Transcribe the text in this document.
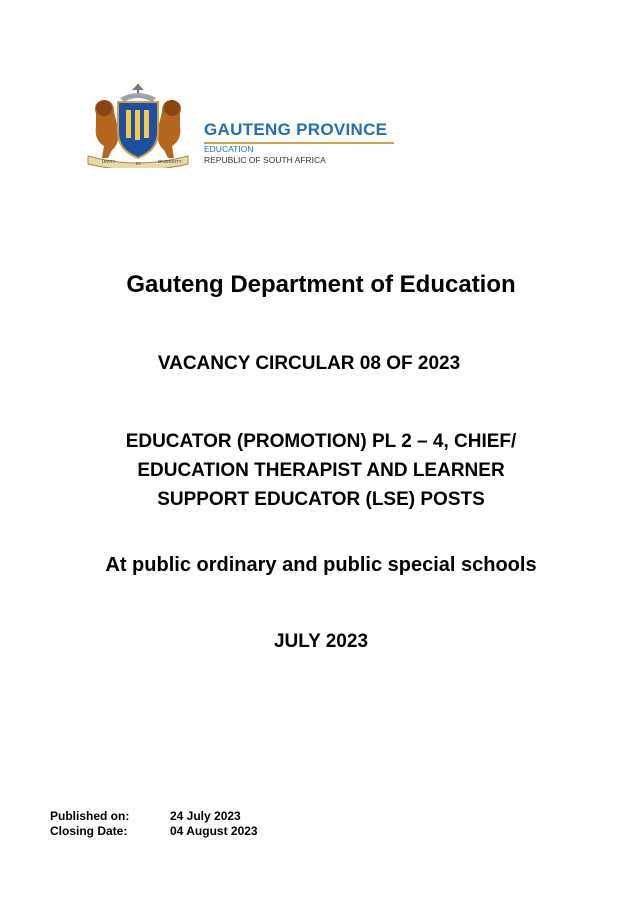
UNITY	IN	DIVERSITY
GAUTENG PROVINCE
EDUCATION
REPUBLIC OF SOUTH AFRICA
Gauteng Department of Education
VACANCY CIRCULAR 08 OF 2023
EDUCATOR (PROMOTION) PL 2 – 4, CHIEF/
EDUCATION THERAPIST AND LEARNER
SUPPORT EDUCATOR (LSE) POSTS
At public ordinary and public special schools
JULY 2023
Published on:	24 July 2023
Closing Date:	04 August 2023
